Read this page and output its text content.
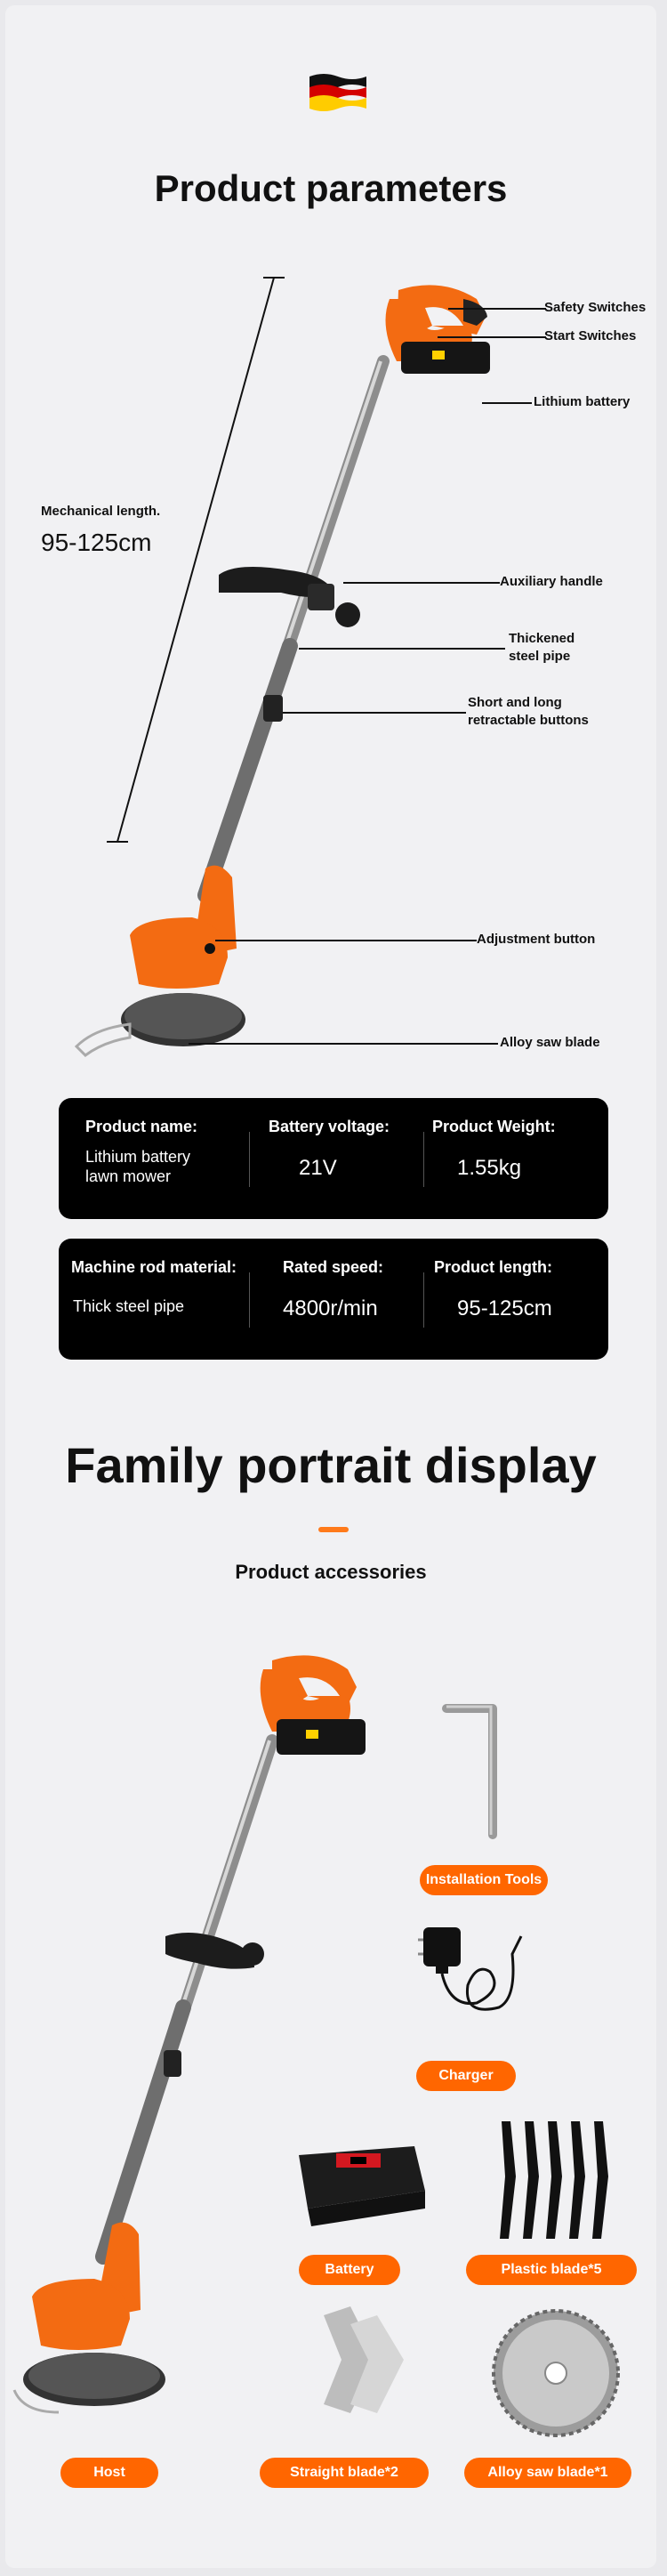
Product parameters
Mechanical length.
95-125cm
Safety Switches
Start Switches
Lithium battery
Auxiliary handle
Thickened
steel pipe
Short and long
retractable buttons
Adjustment button
Alloy saw blade
Product name:
Lithium battery
lawn mower
Battery voltage:
21V
Product Weight:
1.55kg
Machine rod material:
Thick steel pipe
Rated speed:
4800r/min
Product length:
95-125cm
Family portrait display
Product accessories
Installation Tools
Charger
Battery	Plastic blade*5
Straight blade*2	Alloy saw blade*1
Host
